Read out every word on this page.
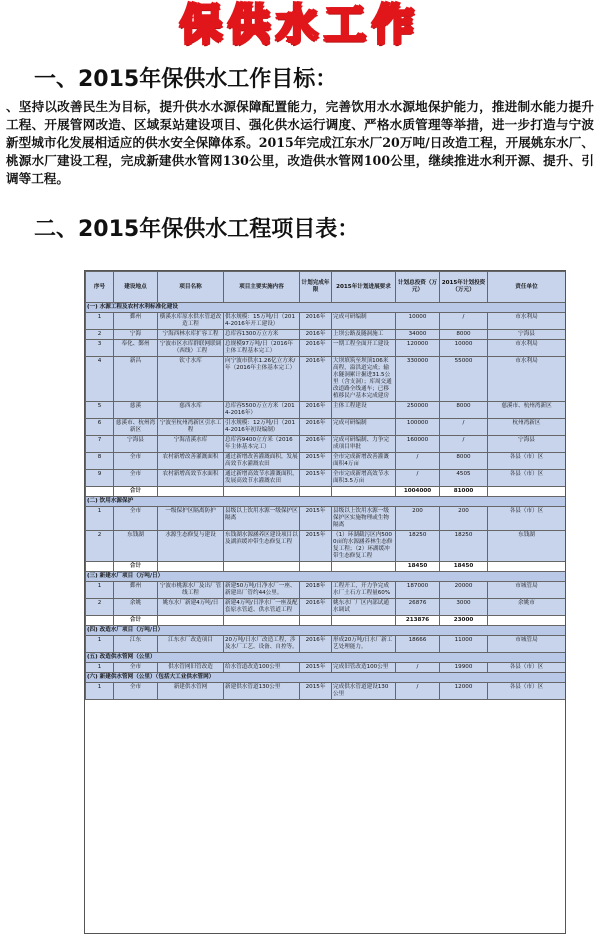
保供水工作
一、2015年保供水工作目标：
、坚持以改善民生为目标，提升供水水源保障配置能力，完善饮用水水源地保护能力，推进制水能力提升工程、开展管网改造、区域泵站建设项目、强化供水运行调度、严格水质管理等举措，进一步打造与宁波新型城市化发展相适应的供水安全保障体系。2015年完成江东水厂20万吨/日改造工程，开展姚东水厂、桃源水厂建设工程，完成新建供水管网130公里，改造供水管网100公里，继续推进水利开源、提升、引调等工程。
二、2015年保供水工程项目表：
序号	建设地点	项目名称	项目主要实施内容	计划完成年限	2015年计划进展要求	计划总投资（万元）	2015年计划投资（万元）	责任单位
(一) 水源工程及农村水利标准化建设								
1	鄞州	横溪水库原水供水管道改造工程	供水规模：15万吨/日（2014-2016年开工建设）	2016年	完成可研编制	10000	/	市水利局
2	宁海	宁海西林水库扩容工程	总库容1300万立方米	2016年	上坝公路及隧洞施工	34000	8000	宁海县
3	奉化、鄞州	宁波市区水库群联网联调（西线）工程	总规模97万吨/日（2016年主体工程基本完工）	2016年	一期工程全面开工建设	120000	10000	市水利局
4	新昌	钦寸水库	向宁波市供水1.26亿立方米/年（2016年主体基本完工）	2016年	大坝填筑至坝顶106米高程，溢洪道完成；输水隧洞累计掘进31.5公里（含支洞）；库周交通改道路全线通车；已移植移民户基本完成建房	330000	55000	市水利局
5	慈溪	慈西水库	总库容5500万立方米（2014-2016年）	2016年	主体工程建设	250000	8000	慈溪市、杭州湾新区
6	慈溪市、杭州湾新区	宁波至杭州湾新区引水工程	引水规模：12万吨/日（2014-2016年初设编制）	2016年	完成可研编制	100000	/	杭州湾新区
7	宁海县	宁海清溪水库	总库容9400立方米（2016年主体基本完工）	2016年	完成可研编制、力争完成项目审批	160000	/	宁海县
8	全市	农村新增改善灌溉面积	通过新增改善灌溉面积，发展高效节水灌溉农田	2015年	全市完成新增改善灌溉面积4万亩	/	8000	各县（市）区
9	全市	农村新增高效节水面积	通过新增高效节水灌溉面积，发展高效节水灌溉农田	2015年	全市完成新增高效节水面积3.5万亩	/	4505	各县（市）区
	合计					1004000	81000	
(二) 饮用水源保护								
1	全市	一级保护区隔离防护	县级以上饮用水源一级保护区隔离	2015年	县级以上饮用水源一级保护区实施物理或生物隔离	200	200	各县（市）区
2	东钱湖	水源生态修复与建设	东钱湖水源涵养区建设项目以及湖滨缓冲带生态修复工程	2015年	（1）环湖截污区内5000亩的水源涵养林生态修复工程；（2）环湖缓冲带生态修复工程	18250	18250	东钱湖
	合计					18450	18450	
(三) 新建水厂项目（万吨/日）								
1	鄞州	宁波市桃源水厂及出厂管线工程	新建50万吨/日净水厂一座、新建出厂管约44公里。	2018年	工程开工，开力争完成水厂土石方工程量60%	187000	20000	市城管局
2	余姚	姚东水厂新建4万吨/日	新建4万吨/日净水厂一座及配套原水管道、供水管道工程	2016年	姚东水厂厂区内部试通水调试	26876	3000	余姚市
	合计					213876	23000	
(四) 改造水厂项目（万吨/日）								
1	江东	江东水厂改造项目	20万吨/日水厂改造工程，涉及水厂工艺、设备、自控等。	2016年	形成20万吨/日水厂新工艺处理能力。	18666	11000	市城管局
(五) 改造供水管网（公里）								
1	全市	供水管网旧管改造	给水管道改造100公里	2015年	完成旧管改造100公里	/	19900	各县（市）区
(六) 新建供水管网（公里）（包括大工业供水管网）								
1	全市	新建供水管网	新建供水管道130公里	2015年	完成供水管道建设130公里	/	12000	各县（市）区
